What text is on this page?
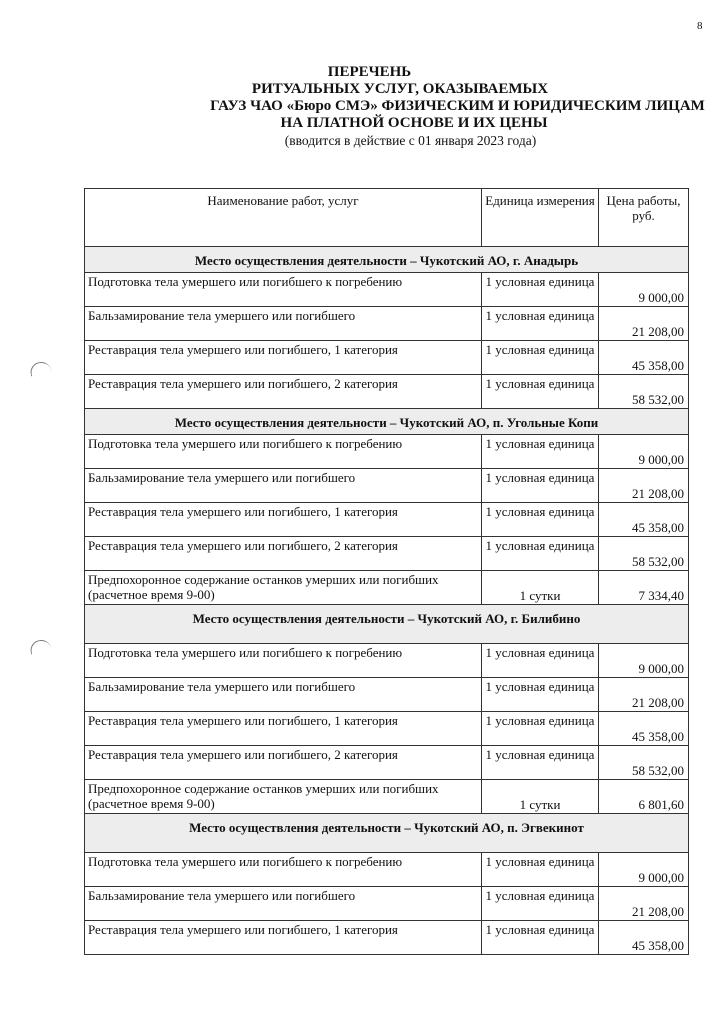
8
ПЕРЕЧЕНЬ
РИТУАЛЬНЫХ УСЛУГ, ОКАЗЫВАЕМЫХ
ГАУЗ ЧАО «Бюро СМЭ» ФИЗИЧЕСКИМ И ЮРИДИЧЕСКИМ ЛИЦАМ
НА ПЛАТНОЙ ОСНОВЕ И ИХ ЦЕНЫ
(вводится в действие с 01 января 2023 года)
Наименование работ, услуг	Единица измерения	Цена работы, руб.
Место осуществления деятельности – Чукотский АО, г. Анадырь		
Подготовка тела умершего или погибшего к погребению	1 условная единица	9 000,00
Бальзамирование тела умершего или погибшего	1 условная единица	21 208,00
Реставрация тела умершего или погибшего, 1 категория	1 условная единица	45 358,00
Реставрация тела умершего или погибшего, 2 категория	1 условная единица	58 532,00
Место осуществления деятельности – Чукотский АО, п. Угольные Копи		
Подготовка тела умершего или погибшего к погребению	1 условная единица	9 000,00
Бальзамирование тела умершего или погибшего	1 условная единица	21 208,00
Реставрация тела умершего или погибшего, 1 категория	1 условная единица	45 358,00
Реставрация тела умершего или погибшего, 2 категория	1 условная единица	58 532,00
Предпохоронное содержание останков умерших или погибших (расчетное время 9-00)	1 сутки	7 334,40
Место осуществления деятельности – Чукотский АО, г. Билибино		
Подготовка тела умершего или погибшего к погребению	1 условная единица	9 000,00
Бальзамирование тела умершего или погибшего	1 условная единица	21 208,00
Реставрация тела умершего или погибшего, 1 категория	1 условная единица	45 358,00
Реставрация тела умершего или погибшего, 2 категория	1 условная единица	58 532,00
Предпохоронное содержание останков умерших или погибших (расчетное время 9-00)	1 сутки	6 801,60
Место осуществления деятельности – Чукотский АО, п. Эгвекинот		
Подготовка тела умершего или погибшего к погребению	1 условная единица	9 000,00
Бальзамирование тела умершего или погибшего	1 условная единица	21 208,00
Реставрация тела умершего или погибшего, 1 категория	1 условная единица	45 358,00
